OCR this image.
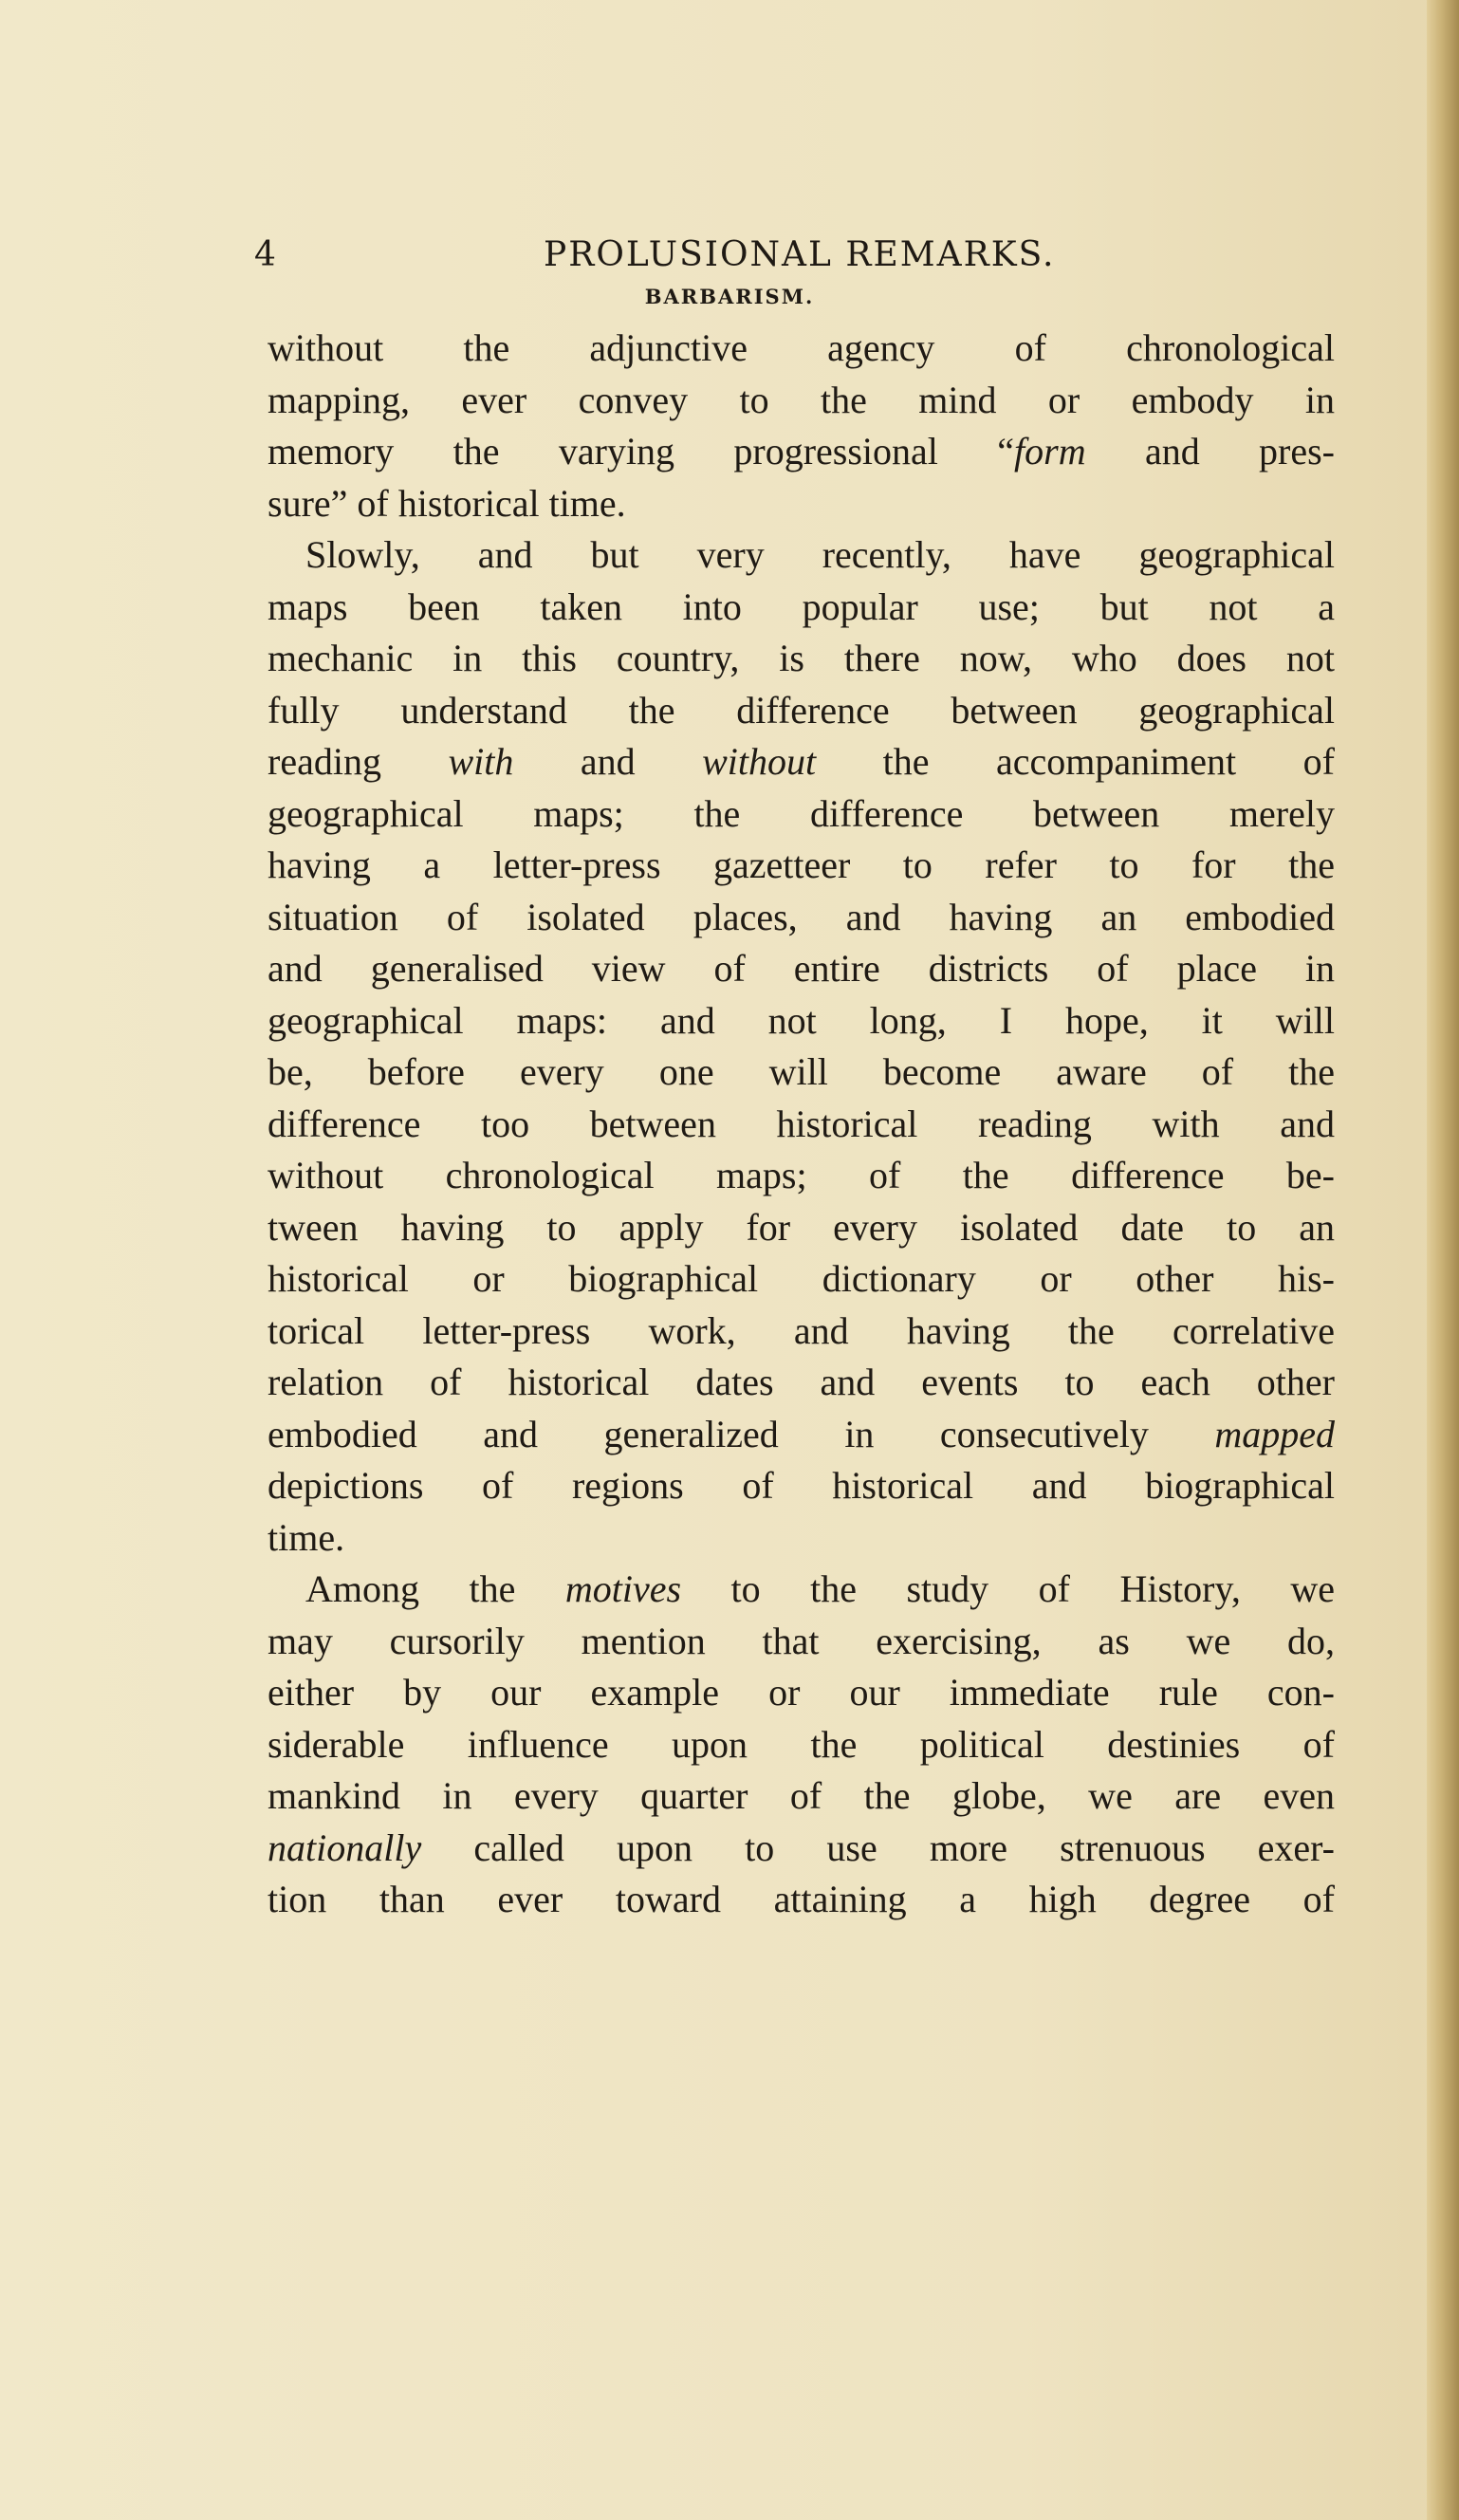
4	PROLUSIONAL REMARKS.
BARBARISM.
without the adjunctive agency of chronological
mapping, ever convey to the mind or embody in
memory the varying progressional “form and pres-
sure” of historical time.
Slowly, and but very recently, have geographical
maps been taken into popular use; but not a
mechanic in this country, is there now, who does not
fully understand the difference between geographical
reading with and without the accompaniment of
geographical maps; the difference between merely
having a letter-press gazetteer to refer to for the
situation of isolated places, and having an embodied
and generalised view of entire districts of place in
geographical maps: and not long, I hope, it will
be, before every one will become aware of the
difference too between historical reading with and
without chronological maps; of the difference be-
tween having to apply for every isolated date to an
historical or biographical dictionary or other his-
torical letter-press work, and having the correlative
relation of historical dates and events to each other
embodied and generalized in consecutively mapped
depictions of regions of historical and biographical
time.
Among the motives to the study of History, we
may cursorily mention that exercising, as we do,
either by our example or our immediate rule con-
siderable influence upon the political destinies of
mankind in every quarter of the globe, we are even
nationally called upon to use more strenuous exer-
tion than ever toward attaining a high degree of
